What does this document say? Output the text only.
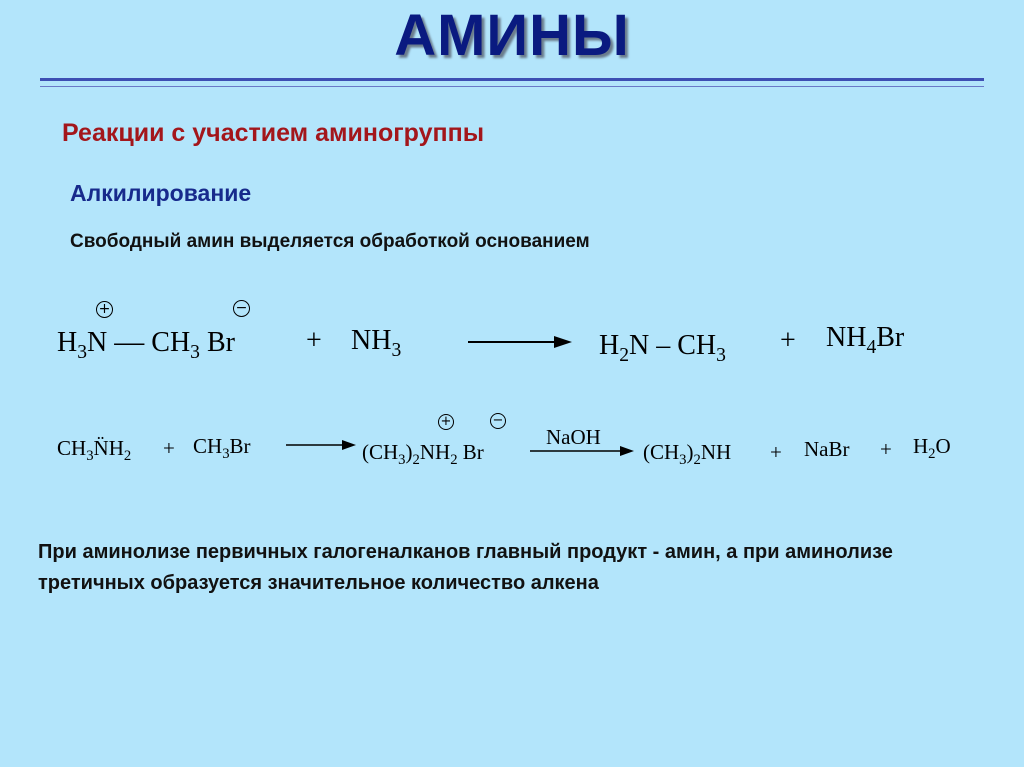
АМИНЫ
Реакции с участием аминогруппы
Алкилирование
Свободный амин выделяется обработкой основанием
+	−
$H_3N$ — $CH_3$ Br	+ $NH_3$	$H_2N - CH_3 + NH_4Br$
$CH_3N̈H_2 + CH_3Br$
+	−
$(CH_3)_2NH_2$ Br
NaOH
$(CH_3)_2NH$ + NaBr + $H_2O$
При аминолизе первичных галогеналканов главный продукт - амин, а при аминолизе третичных образуется значительное количество алкена
